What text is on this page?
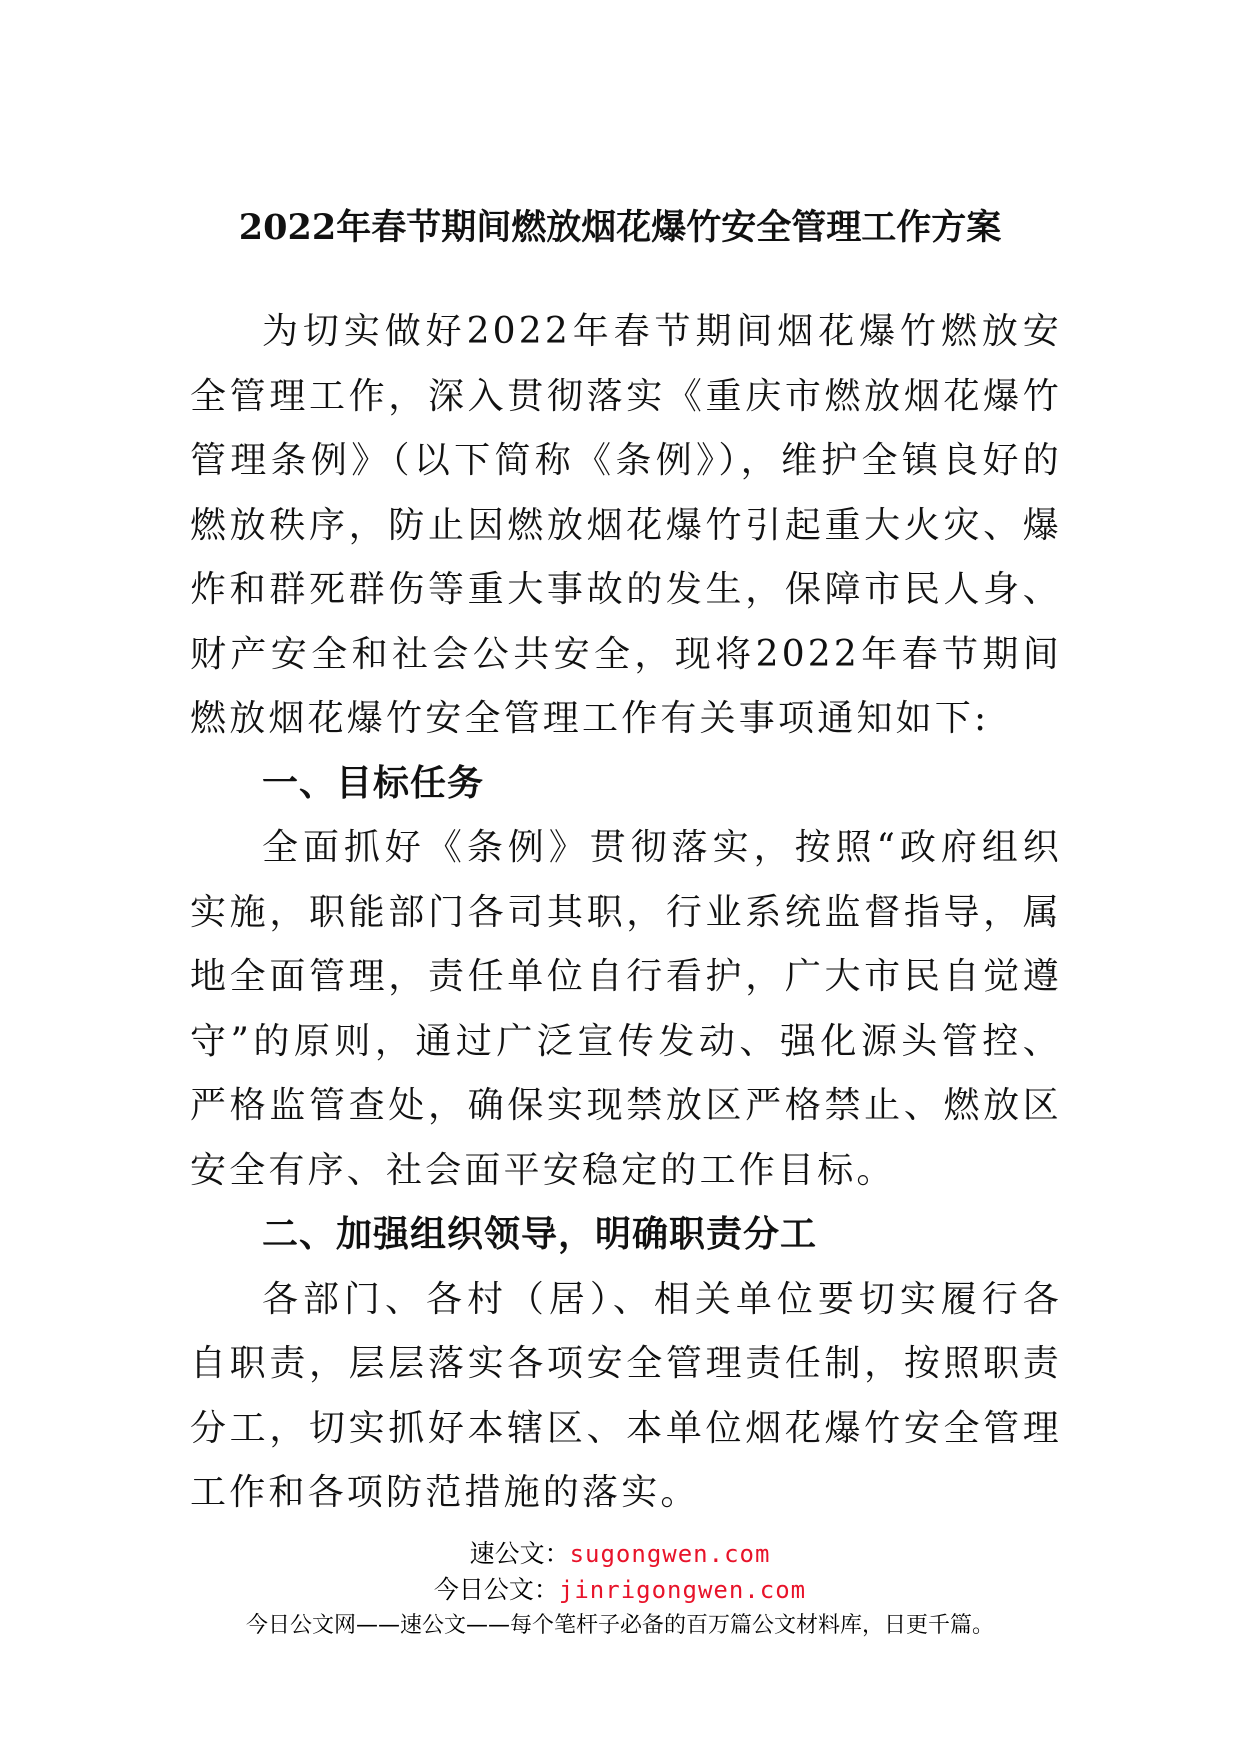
2022年春节期间燃放烟花爆竹安全管理工作方案

为切实做好2022年春节期间烟花爆竹燃放安全管理工作，深入贯彻落实《重庆市燃放烟花爆竹管理条例》（以下简称《条例》），维护全镇良好的燃放秩序，防止因燃放烟花爆竹引起重大火灾、爆炸和群死群伤等重大事故的发生，保障市民人身、财产安全和社会公共安全，现将2022年春节期间燃放烟花爆竹安全管理工作有关事项通知如下:

一、目标任务

全面抓好《条例》贯彻落实，按照“政府组织实施，职能部门各司其职，行业系统监督指导，属地全面管理，责任单位自行看护，广大市民自觉遵守”的原则，通过广泛宣传发动、强化源头管控、严格监管查处，确保实现禁放区严格禁止、燃放区安全有序、社会面平安稳定的工作目标。

二、加强组织领导，明确职责分工

各部门、各村（居）、相关单位要切实履行各自职责，层层落实各项安全管理责任制，按照职责分工，切实抓好本辖区、本单位烟花爆竹安全管理工作和各项防范措施的落实。

速公文：sugongwen.com
今日公文：jinrigongwen.com
今日公文网——速公文——每个笔杆子必备的百万篇公文材料库，日更千篇。
